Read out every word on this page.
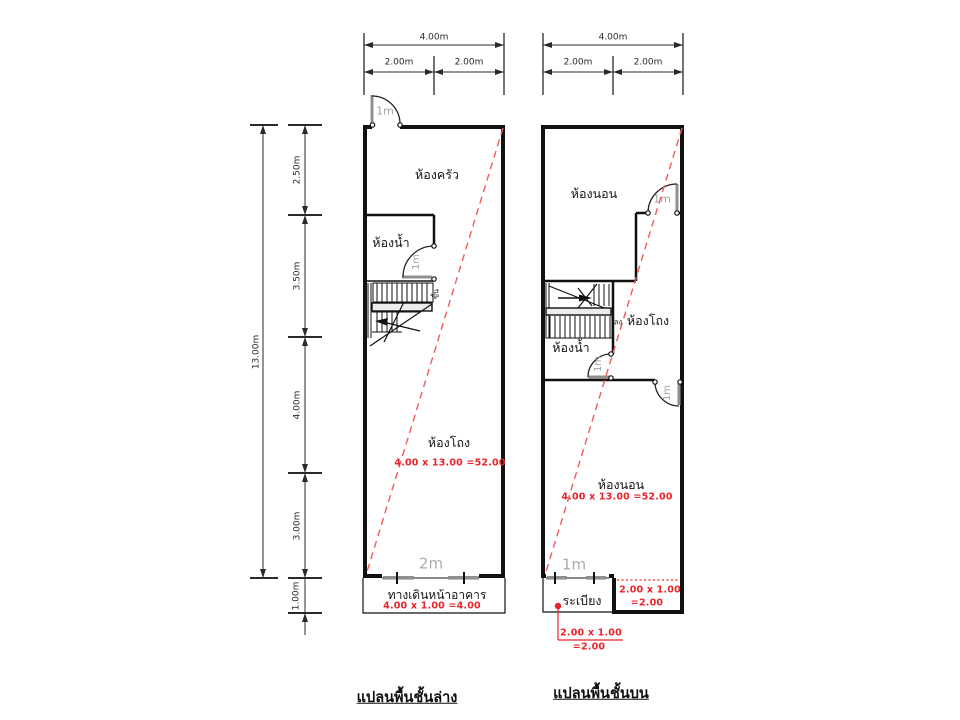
4.00m
2.00m	2.00m
4.00m
2.00m	2.00m
13.00m
2.50m
3.50m
4.00m
3.00m
1.00m
1m
ห้องครัว
ห้องน้ำ
1m
ขึ้น
ห้องโถง
4.00 x 13.00 =52.00
2m
ทางเดินหน้าอาคาร
4.00 x 1.00 =4.00
ห้องนอน	1m
ลง ห้องโถง
ห้องน้ำ
1m
1m
ห้องนอน
4.00 x 13.00 =52.00
1m
ระเบียง
2.00 x 1.00
=2.00
2.00 x 1.00
=2.00
แปลนพื้นชั้นล่าง	แปลนพื้นชั้นบน
